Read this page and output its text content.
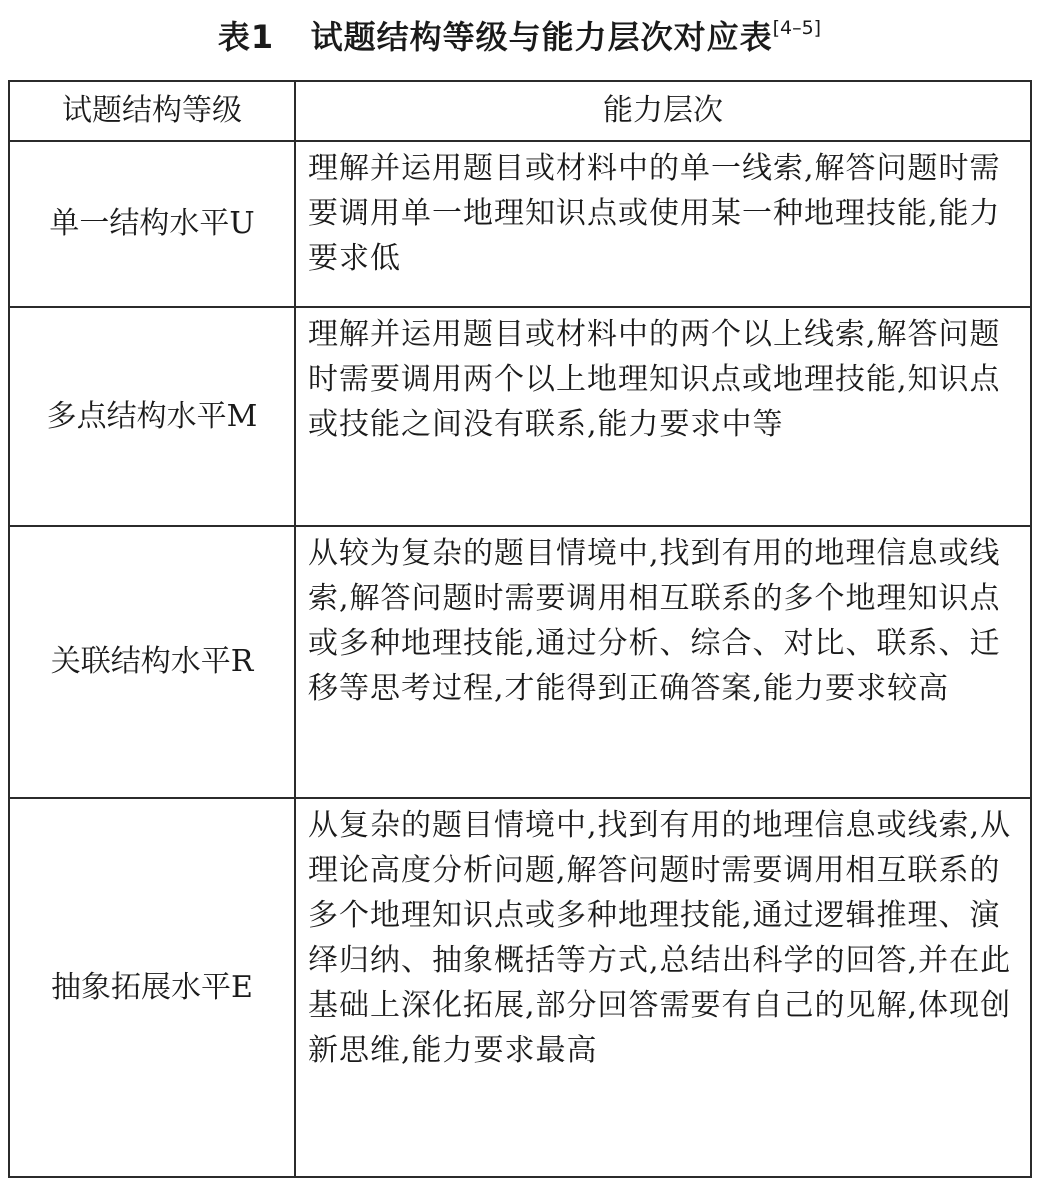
表1 试题结构等级与能力层次对应表[4–5]
试题结构等级	能力层次
单一结构水平U	理解并运用题目或材料中的单一线索,解答问题时需要调用单一地理知识点或使用某一种地理技能,能力要求低
多点结构水平M	理解并运用题目或材料中的两个以上线索,解答问题时需要调用两个以上地理知识点或地理技能,知识点或技能之间没有联系,能力要求中等
关联结构水平R	从较为复杂的题目情境中,找到有用的地理信息或线索,解答问题时需要调用相互联系的多个地理知识点或多种地理技能,通过分析、综合、对比、联系、迁移等思考过程,才能得到正确答案,能力要求较高
抽象拓展水平E	从复杂的题目情境中,找到有用的地理信息或线索,从理论高度分析问题,解答问题时需要调用相互联系的多个地理知识点或多种地理技能,通过逻辑推理、演绎归纳、抽象概括等方式,总结出科学的回答,并在此基础上深化拓展,部分回答需要有自己的见解,体现创新思维,能力要求最高
